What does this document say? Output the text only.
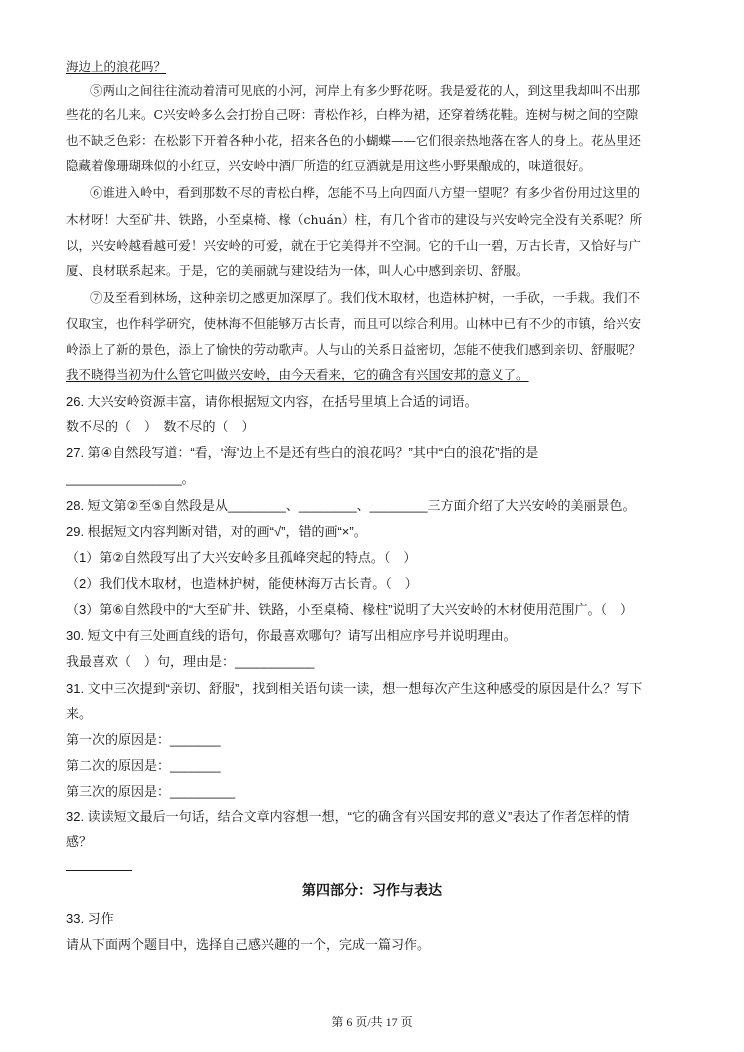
海边上的浪花吗？
⑤两山之间往往流动着清可见底的小河，河岸上有多少野花呀。我是爱花的人，到这里我却叫不出那
些花的名儿来。C兴安岭多么会打扮自己呀：青松作衫，白桦为裙，还穿着绣花鞋。连树与树之间的空隙
也不缺乏色彩：在松影下开着各种小花，招来各色的小蝴蝶——它们很亲热地落在客人的身上。花丛里还
隐藏着像珊瑚珠似的小红豆，兴安岭中酒厂所造的红豆酒就是用这些小野果酿成的，味道很好。
⑥谁进入岭中，看到那数不尽的青松白桦，怎能不马上向四面八方望一望呢？有多少省份用过这里的
木材呀！大至矿井、铁路，小至桌椅、椽（chuán）柱，有几个省市的建设与兴安岭完全没有关系呢？所
以，兴安岭越看越可爱！兴安岭的可爱，就在于它美得并不空洞。它的千山一碧，万古长青，又恰好与广
厦、良材联系起来。于是，它的美丽就与建设结为一体，叫人心中感到亲切、舒服。
⑦及至看到林场，这种亲切之感更加深厚了。我们伐木取材，也造林护树，一手砍，一手栽。我们不
仅取宝，也作科学研究，使林海不但能够万古长青，而且可以综合利用。山林中已有不少的市镇，给兴安
岭添上了新的景色，添上了愉快的劳动歌声。人与山的关系日益密切，怎能不使我们感到亲切、舒服呢？
我不晓得当初为什么管它叫做兴安岭，由今天看来，它的确含有兴国安邦的意义了。
26. 大兴安岭资源丰富，请你根据短文内容，在括号里填上合适的词语。
数不尽的（　）　数不尽的（　）
27. 第④自然段写道：“看，‘海’边上不是还有些白的浪花吗？”其中“白的浪花”指的是
________________。
28. 短文第②至⑤自然段是从________、________、________三方面介绍了大兴安岭的美丽景色。
29. 根据短文内容判断对错，对的画“√”，错的画“×”。
（1）第②自然段写出了大兴安岭多且孤峰突起的特点。（　）
（2）我们伐木取材，也造林护树，能使林海万古长青。（　）
（3）第⑥自然段中的“大至矿井、铁路，小至桌椅、椽柱”说明了大兴安岭的木材使用范围广。（　）
30. 短文中有三处画直线的语句，你最喜欢哪句？请写出相应序号并说明理由。
我最喜欢（　）句，理由是：___________
31. 文中三次提到“亲切、舒服”，找到相关语句读一读，想一想每次产生这种感受的原因是什么？写下
来。
第一次的原因是：_______
第二次的原因是：_______
第三次的原因是：_________
32. 读读短文最后一句话，结合文章内容想一想，“它的确含有兴国安邦的意义”表达了作者怎样的情
感？
第四部分：习作与表达
33. 习作
请从下面两个题目中，选择自己感兴趣的一个，完成一篇习作。
第 6 页/共 17 页
